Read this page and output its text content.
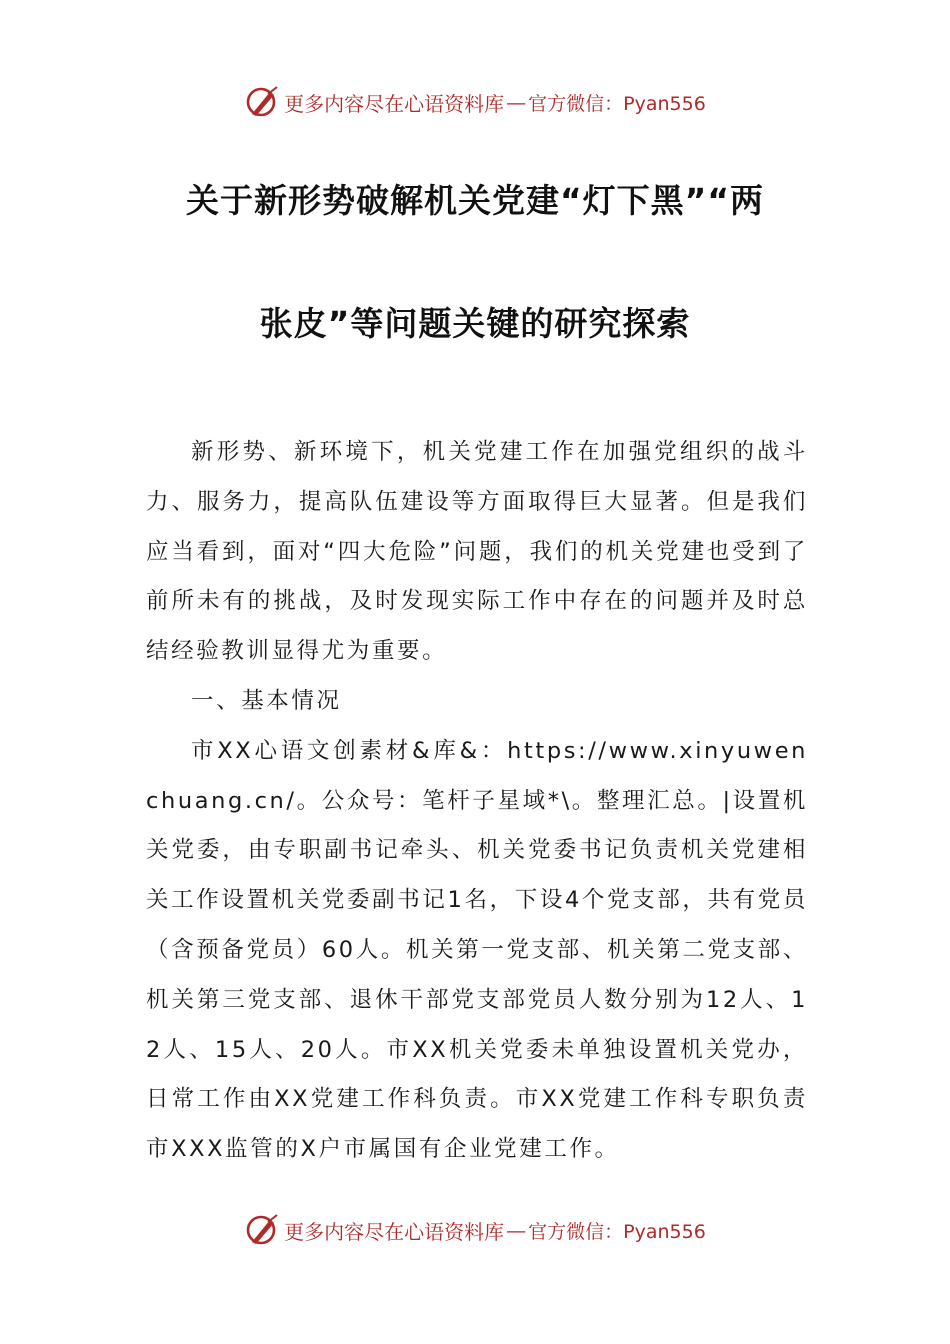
更多内容尽在心语资料库 — 官方微信：Pyan556
关于新形势破解机关党建“灯下黑”“两
张皮”等问题关键的研究探索

新形势、新环境下，机关党建工作在加强党组织的战斗力、服务力，提高队伍建设等方面取得巨大显著。但是我们应当看到，面对“四大危险”问题，我们的机关党建也受到了前所未有的挑战，及时发现实际工作中存在的问题并及时总结经验教训显得尤为重要。

一、基本情况

市XX心语文创素材&库&：https://www.xinyuwenchuang.cn/。公众号：笔杆子星域*\。整理汇总。|设置机关党委，由专职副书记牵头、机关党委书记负责机关党建相关工作设置机关党委副书记1名，下设4个党支部，共有党员（含预备党员）60人。机关第一党支部、机关第二党支部、机关第三党支部、退休干部党支部党员人数分别为12人、12人、15人、20人。市XX机关党委未单独设置机关党办，日常工作由XX党建工作科负责。市XX党建工作科专职负责市XXX监管的X户市属国有企业党建工作。

更多内容尽在心语资料库 — 官方微信：Pyan556
